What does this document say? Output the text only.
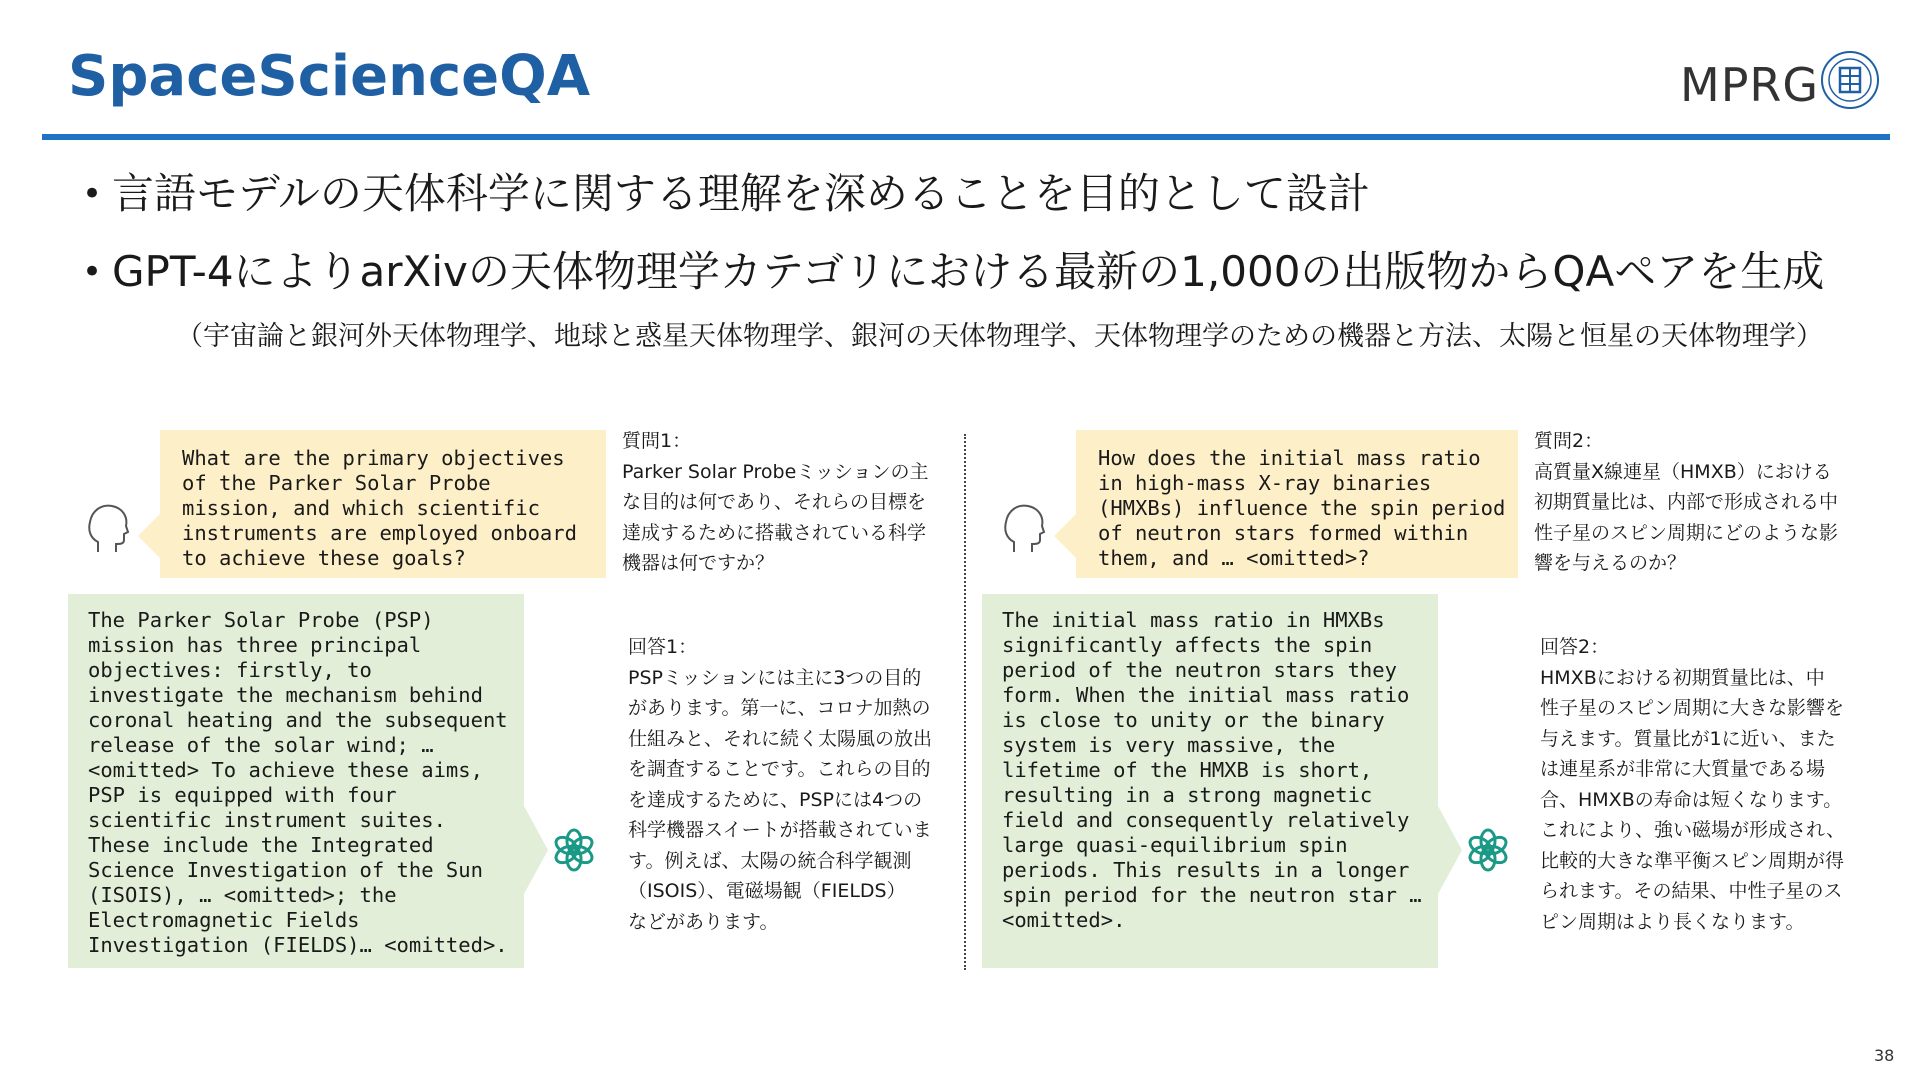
SpaceScienceQA	MPRG
• 言語モデルの天体科学に関する理解を深めることを目的として設計
• GPT-4によりarXivの天体物理学カテゴリにおける最新の1,000の出版物からQAペアを生成
（宇宙論と銀河外天体物理学、地球と惑星天体物理学、銀河の天体物理学、天体物理学のための機器と方法、太陽と恒星の天体物理学）
What are the primary objectives
of the Parker Solar Probe
mission, and which scientific
instruments are employed onboard
to achieve these goals?
The Parker Solar Probe (PSP)
mission has three principal
objectives: firstly, to
investigate the mechanism behind
coronal heating and the subsequent
release of the solar wind; …
<omitted> To achieve these aims,
PSP is equipped with four
scientific instrument suites.
These include the Integrated
Science Investigation of the Sun
(ISOIS), … <omitted>; the
Electromagnetic Fields
Investigation (FIELDS)… <omitted>.
質問1：
Parker Solar Probeミッションの主
な目的は何であり、それらの目標を
達成するために搭載されている科学
機器は何ですか？
回答1：
PSPミッションには主に3つの目的
があります。第一に、コロナ加熱の
仕組みと、それに続く太陽風の放出
を調査することです。これらの目的
を達成するために、PSPには4つの
科学機器スイートが搭載されていま
す。例えば、太陽の統合科学観測
（ISOIS）、電磁場観（FIELDS）
などがあります。
How does the initial mass ratio
in high-mass X-ray binaries
(HMXBs) influence the spin period
of neutron stars formed within
them, and … <omitted>?
The initial mass ratio in HMXBs
significantly affects the spin
period of the neutron stars they
form. When the initial mass ratio
is close to unity or the binary
system is very massive, the
lifetime of the HMXB is short,
resulting in a strong magnetic
field and consequently relatively
large quasi-equilibrium spin
periods. This results in a longer
spin period for the neutron star …
<omitted>.
質問2：
高質量X線連星（HMXB）における
初期質量比は、内部で形成される中
性子星のスピン周期にどのような影
響を与えるのか？
回答2：
HMXBにおける初期質量比は、中
性子星のスピン周期に大きな影響を
与えます。質量比が1に近い、また
は連星系が非常に大質量である場
合、HMXBの寿命は短くなります。
これにより、強い磁場が形成され、
比較的大きな準平衡スピン周期が得
られます。その結果、中性子星のス
ピン周期はより長くなります。
38
